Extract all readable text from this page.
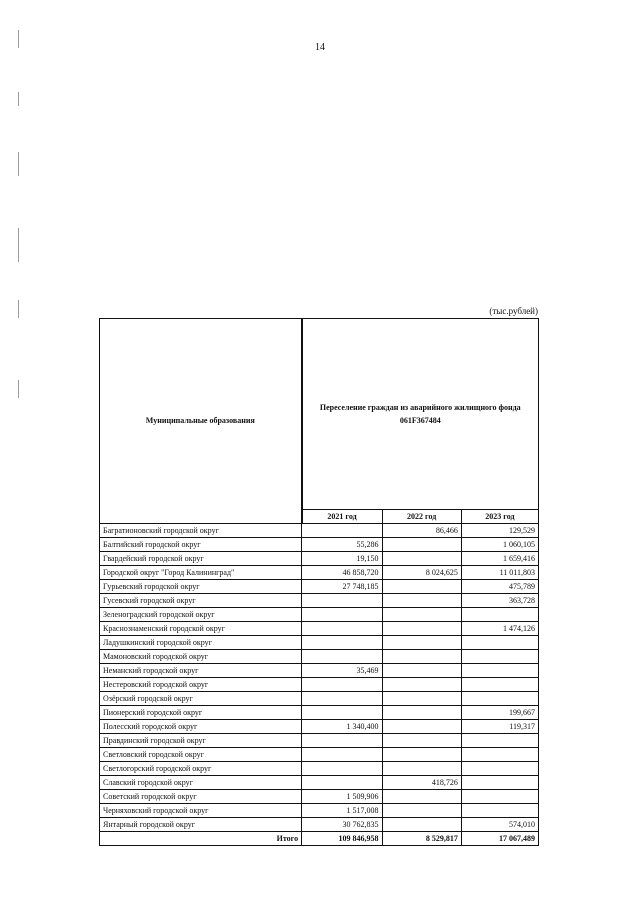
14
(тыс.рублей)
Муниципальные образования	Переселение граждан из аварийного жилищного фонда 061F367484		
	2021 год	2022 год	2023 год
Багратионовский городской округ		86,466	129,529
Балтийский городской округ	55,286		1 060,105
Гвардейский городской округ	19,150		1 659,416
Городской округ "Город Калининград"	46 858,720	8 024,625	11 011,803
Гурьевский городской округ	27 748,185		475,789
Гусевский городской округ			363,728
Зеленоградский городской округ			
Краснознаменский городской округ			1 474,126
Ладушкинский городской округ			
Мамоновский городской округ			
Неманский городской округ	35,469		
Нестеровский городской округ			
Озёрский городской округ			
Пионерский городской округ			199,667
Полесский городской округ	1 340,400		119,317
Правдинский городской округ			
Светловский городской округ			
Светлогорский городской округ			
Славский городской округ		418,726	
Советский городской округ	1 509,906		
Черняховский городской округ	1 517,008		
Янтарный городской округ	30 762,835		574,010
Итого	109 846,958	8 529,817	17 067,489
